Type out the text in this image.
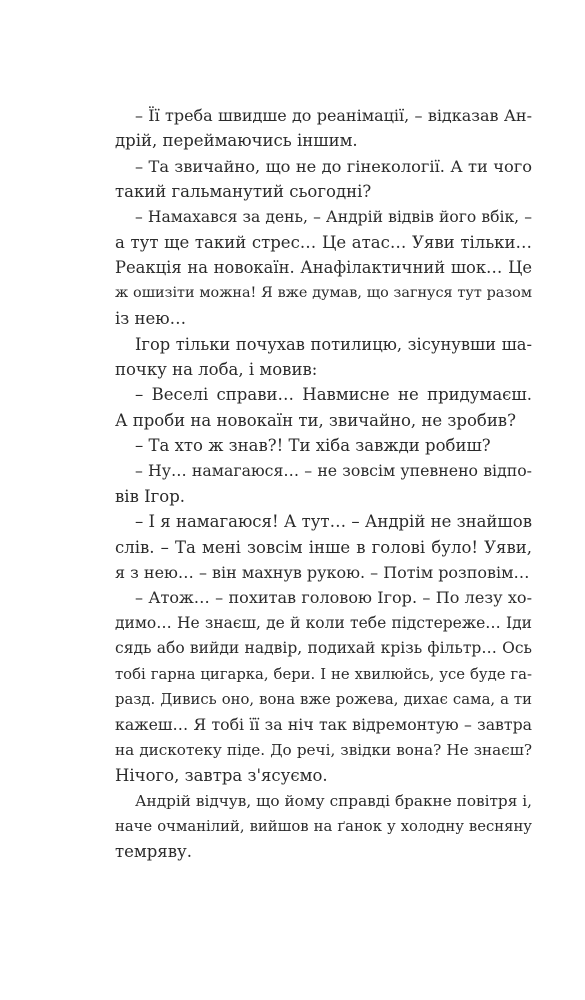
– Її треба швидше до реанімації, – відказав Ан-
дрій, переймаючись іншим.
– Та звичайно, що не до гінекології. А ти чого
такий гальманутий сьогодні?
– Намахався за день, – Андрій відвів його вбік, –
а тут ще такий стрес… Це атас… Уяви тільки…
Реакція на новокаїн. Анафілактичний шок… Це
ж ошизіти можна! Я вже думав, що загнуся тут разом
із нею…
Ігор тільки почухав потилицю, зісунувши ша-
почку на лоба, і мовив:
– Веселі справи… Навмисне не придумаєш.
А проби на новокаїн ти, звичайно, не зробив?
– Та хто ж знав?! Ти хіба завжди робиш?
– Ну… намагаюся… – не зовсім упевнено відпо-
вів Ігор.
– І я намагаюся! А тут… – Андрій не знайшов
слів. – Та мені зовсім інше в голові було! Уяви,
я з нею… – він махнув рукою. – Потім розповім…
– Атож… – похитав головою Ігор. – По лезу хо-
димо… Не знаєш, де й коли тебе підстереже… Іди
сядь або вийди надвір, подихай крізь фільтр… Ось
тобі гарна цигарка, бери. І не хвилюйсь, усе буде га-
разд. Дивись оно, вона вже рожева, дихає сама, а ти
кажеш… Я тобі її за ніч так відремонтую – завтра
на дискотеку піде. До речі, звідки вона? Не знаєш?
Нічого, завтра з'ясуємо.
Андрій відчув, що йому справді бракне повітря і,
наче очманілий, вийшов на ґанок у холодну весняну
темряву.
